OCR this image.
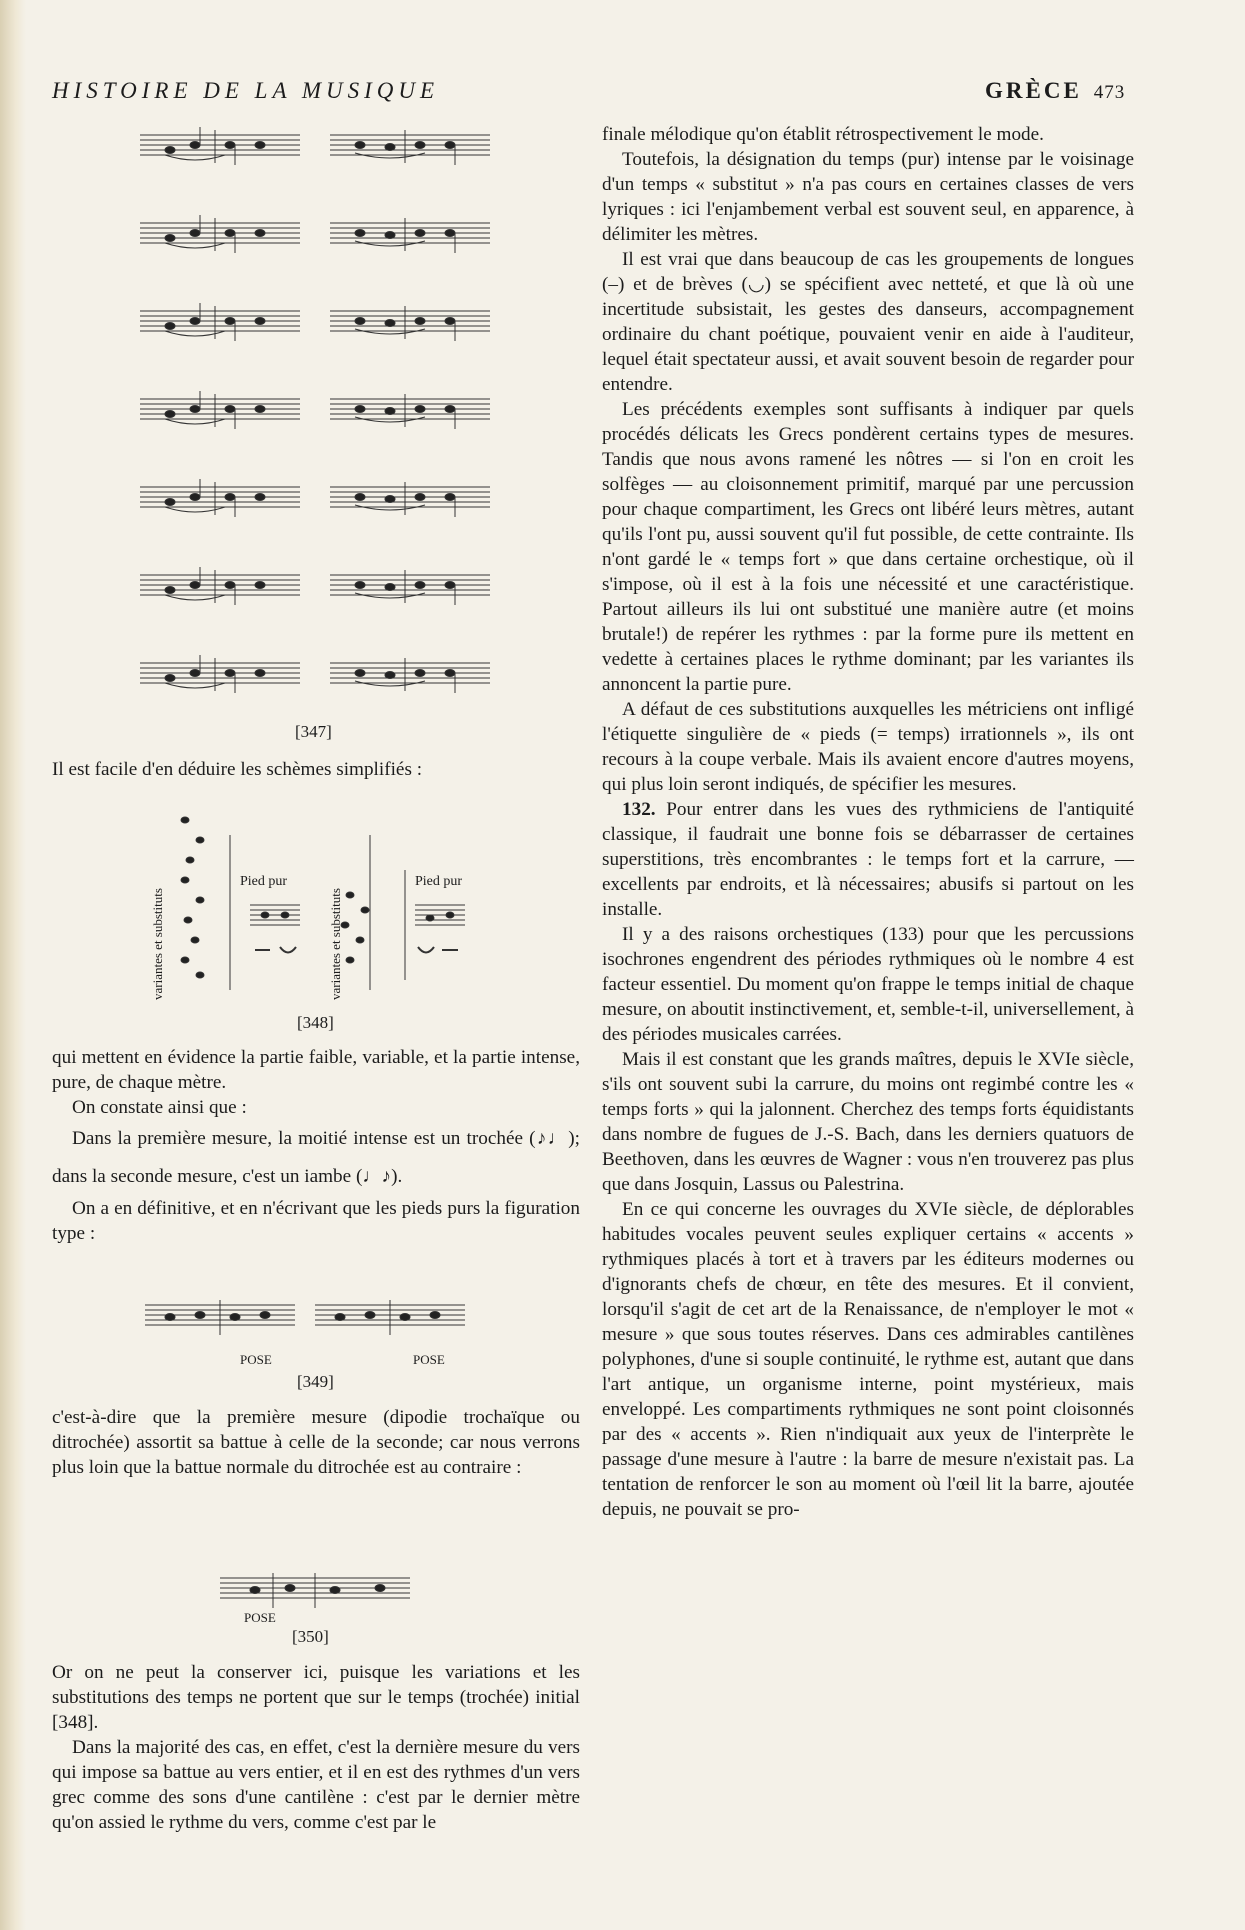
HISTOIRE DE LA MUSIQUE	GRÈCE 473
[347]

Il est facile d'en déduire les schèmes simplifiés :

variantes et substituts	variantes et substituts
Pied pur	Pied pur
[348]

qui mettent en évidence la partie faible, variable, et la partie intense, pure, de chaque mètre.

On constate ainsi que :

Dans la première mesure, la moitié intense est un trochée (♪♩); dans la seconde mesure, c'est un iambe (♩♪).

On a en définitive, et en n'écrivant que les pieds purs la figuration type :

POSE	POSE
[349]

c'est-à-dire que la première mesure (dipodie trochaïque ou ditrochée) assortit sa battue à celle de la seconde; car nous verrons plus loin que la battue normale du ditrochée est au contraire :

POSE
[350]

Or on ne peut la conserver ici, puisque les variations et les substitutions des temps ne portent que sur le temps (trochée) initial [348].

Dans la majorité des cas, en effet, c'est la dernière mesure du vers qui impose sa battue au vers entier, et il en est des rythmes d'un vers grec comme des sons d'une cantilène : c'est par le dernier mètre qu'on assied le rythme du vers, comme c'est par le

finale mélodique qu'on établit rétrospectivement le mode.

Toutefois, la désignation du temps (pur) intense par le voisinage d'un temps « substitut » n'a pas cours en certaines classes de vers lyriques : ici l'enjambement verbal est souvent seul, en apparence, à délimiter les mètres.

Il est vrai que dans beaucoup de cas les groupements de longues (–) et de brèves (◡) se spécifient avec netteté, et que là où une incertitude subsistait, les gestes des danseurs, accompagnement ordinaire du chant poétique, pouvaient venir en aide à l'auditeur, lequel était spectateur aussi, et avait souvent besoin de regarder pour entendre.

Les précédents exemples sont suffisants à indiquer par quels procédés délicats les Grecs pondèrent certains types de mesures. Tandis que nous avons ramené les nôtres — si l'on en croit les solfèges — au cloisonnement primitif, marqué par une percussion pour chaque compartiment, les Grecs ont libéré leurs mètres, autant qu'ils l'ont pu, aussi souvent qu'il fut possible, de cette contrainte. Ils n'ont gardé le « temps fort » que dans certaine orchestique, où il s'impose, où il est à la fois une nécessité et une caractéristique. Partout ailleurs ils lui ont substitué une manière autre (et moins brutale!) de repérer les rythmes : par la forme pure ils mettent en vedette à certaines places le rythme dominant; par les variantes ils annoncent la partie pure.

A défaut de ces substitutions auxquelles les métriciens ont infligé l'étiquette singulière de « pieds (= temps) irrationnels », ils ont recours à la coupe verbale. Mais ils avaient encore d'autres moyens, qui plus loin seront indiqués, de spécifier les mesures.

132. Pour entrer dans les vues des rythmiciens de l'antiquité classique, il faudrait une bonne fois se débarrasser de certaines superstitions, très encombrantes : le temps fort et la carrure, — excellents par endroits, et là nécessaires; abusifs si partout on les installe.

Il y a des raisons orchestiques (133) pour que les percussions isochrones engendrent des périodes rythmiques où le nombre 4 est facteur essentiel. Du moment qu'on frappe le temps initial de chaque mesure, on aboutit instinctivement, et, semble-t-il, universellement, à des périodes musicales carrées.

Mais il est constant que les grands maîtres, depuis le XVIe siècle, s'ils ont souvent subi la carrure, du moins ont regimbé contre les « temps forts » qui la jalonnent. Cherchez des temps forts équidistants dans nombre de fugues de J.-S. Bach, dans les derniers quatuors de Beethoven, dans les œuvres de Wagner : vous n'en trouverez pas plus que dans Josquin, Lassus ou Palestrina.

En ce qui concerne les ouvrages du XVIe siècle, de déplorables habitudes vocales peuvent seules expliquer certains « accents » rythmiques placés à tort et à travers par les éditeurs modernes ou d'ignorants chefs de chœur, en tête des mesures. Et il convient, lorsqu'il s'agit de cet art de la Renaissance, de n'employer le mot « mesure » que sous toutes réserves. Dans ces admirables cantilènes polyphones, d'une si souple continuité, le rythme est, autant que dans l'art antique, un organisme interne, point mystérieux, mais enveloppé. Les compartiments rythmiques ne sont point cloisonnés par des « accents ». Rien n'indiquait aux yeux de l'interprète le passage d'une mesure à l'autre : la barre de mesure n'existait pas. La tentation de renforcer le son au moment où l'œil lit la barre, ajoutée depuis, ne pouvait se pro-
